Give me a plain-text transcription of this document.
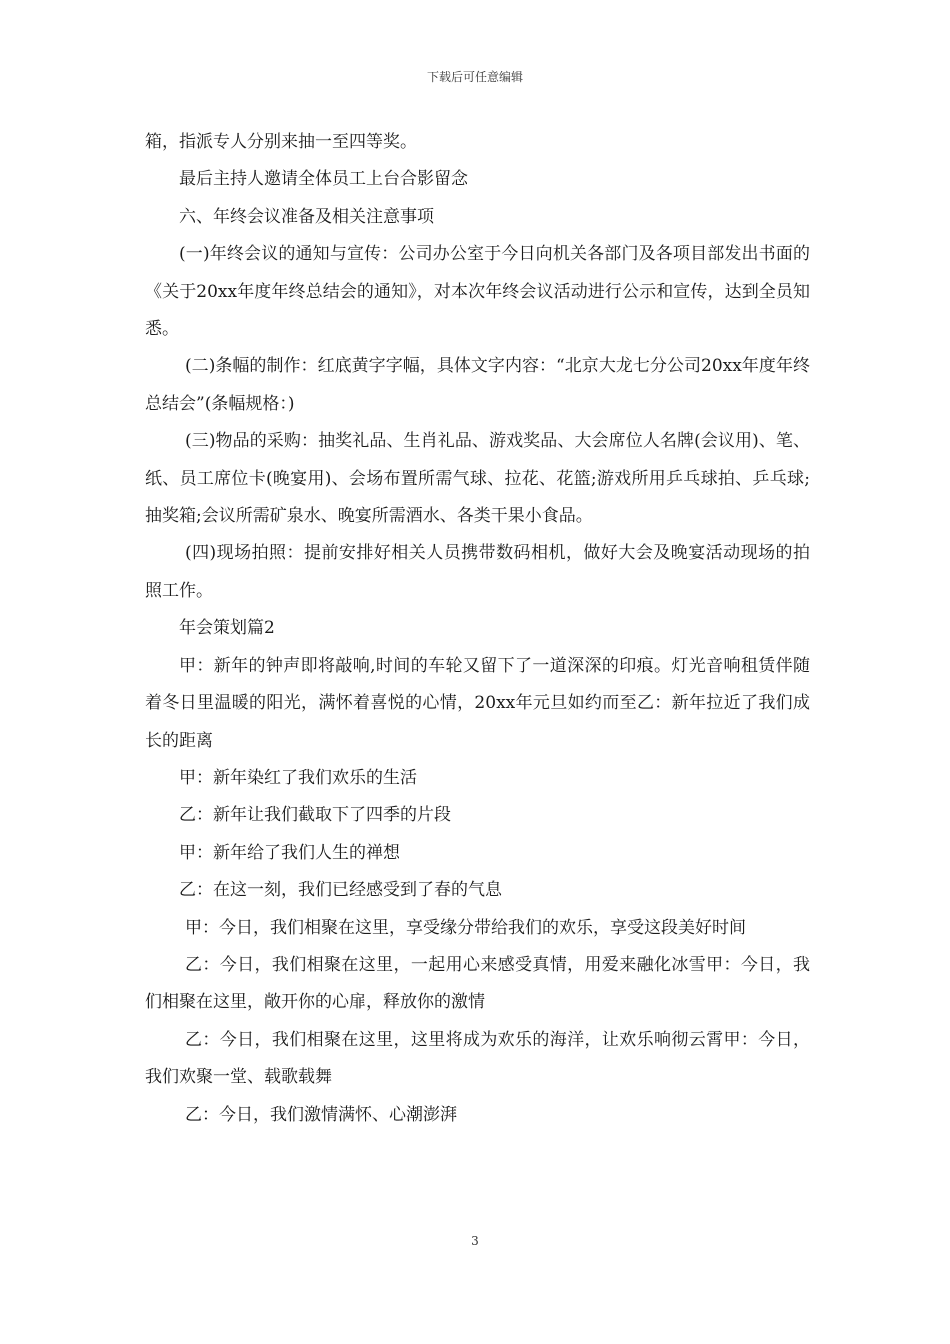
下载后可任意编辑

箱，指派专人分别来抽一至四等奖。

最后主持人邀请全体员工上台合影留念

六、年终会议准备及相关注意事项

(一)年终会议的通知与宣传：公司办公室于今日向机关各部门及各项目部发出书面的《关于20xx年度年终总结会的通知》，对本次年终会议活动进行公示和宣传，达到全员知悉。

(二)条幅的制作：红底黄字字幅，具体文字内容：“北京大龙七分公司20xx年度年终总结会”(条幅规格：)

(三)物品的采购：抽奖礼品、生肖礼品、游戏奖品、大会席位人名牌(会议用)、笔、纸、员工席位卡(晚宴用)、会场布置所需气球、拉花、花篮;游戏所用乒乓球拍、乒乓球;抽奖箱;会议所需矿泉水、晚宴所需酒水、各类干果小食品。

(四)现场拍照：提前安排好相关人员携带数码相机，做好大会及晚宴活动现场的拍照工作。

年会策划篇2

甲：新年的钟声即将敲响,时间的车轮又留下了一道深深的印痕。灯光音响租赁伴随着冬日里温暖的阳光，满怀着喜悦的心情，20xx年元旦如约而至乙：新年拉近了我们成长的距离

甲：新年染红了我们欢乐的生活

乙：新年让我们截取下了四季的片段

甲：新年给了我们人生的禅想

乙：在这一刻，我们已经感受到了春的气息

甲：今日，我们相聚在这里，享受缘分带给我们的欢乐，享受这段美好时间

乙：今日，我们相聚在这里，一起用心来感受真情，用爱来融化冰雪甲：今日，我们相聚在这里，敞开你的心扉，释放你的激情

乙：今日，我们相聚在这里，这里将成为欢乐的海洋，让欢乐响彻云霄甲：今日，我们欢聚一堂、载歌载舞

乙：今日，我们激情满怀、心潮澎湃

3
